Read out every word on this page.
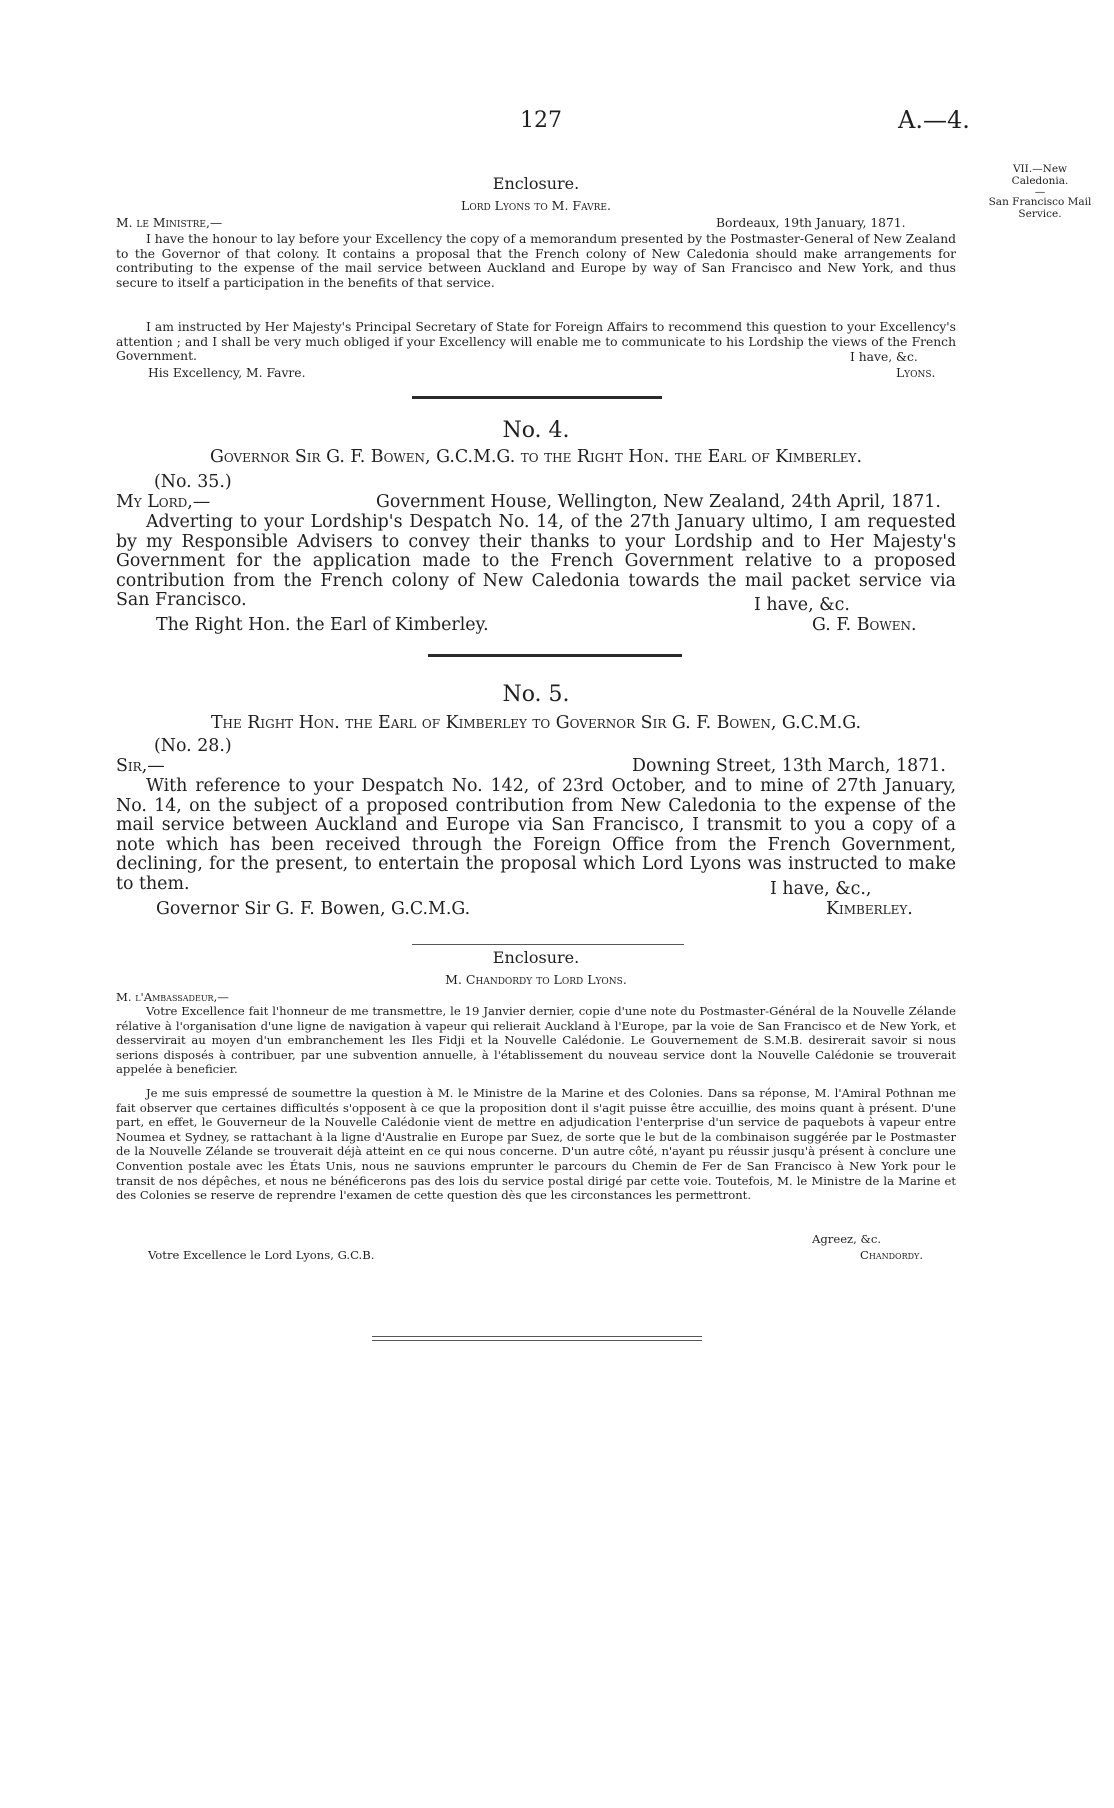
127	A.—4.
VII.—New Caledonia.
—
San Francisco Mail Service.
Enclosure.
Lord Lyons to M. Favre.
M. le Ministre,—	Bordeaux, 19th January, 1871.
I have the honour to lay before your Excellency the copy of a memorandum presented by the Postmaster-General of New Zealand to the Governor of that colony. It contains a proposal that the French colony of New Caledonia should make arrangements for contributing to the expense of the mail service between Auckland and Europe by way of San Francisco and New York, and thus secure to itself a participation in the benefits of that service.
I am instructed by Her Majesty's Principal Secretary of State for Foreign Affairs to recommend this question to your Excellency's attention ; and I shall be very much obliged if your Excellency will enable me to communicate to his Lordship the views of the French Government.	I have, &c.
His Excellency, M. Favre.	Lyons.
No. 4.
Governor Sir G. F. Bowen, G.C.M.G. to the Right Hon. the Earl of Kimberley.
(No. 35.)
My Lord,—	Government House, Wellington, New Zealand, 24th April, 1871.
Adverting to your Lordship's Despatch No. 14, of the 27th January ultimo, I am requested by my Responsible Advisers to convey their thanks to your Lordship and to Her Majesty's Government for the application made to the French Government relative to a proposed contribution from the French colony of New Caledonia towards the mail packet service via San Francisco.	I have, &c.
The Right Hon. the Earl of Kimberley.	G. F. Bowen.
No. 5.
The Right Hon. the Earl of Kimberley to Governor Sir G. F. Bowen, G.C.M.G.
(No. 28.)
Sir,—	Downing Street, 13th March, 1871.
With reference to your Despatch No. 142, of 23rd October, and to mine of 27th January, No. 14, on the subject of a proposed contribution from New Caledonia to the expense of the mail service between Auckland and Europe via San Francisco, I transmit to you a copy of a note which has been received through the Foreign Office from the French Government, declining, for the present, to entertain the proposal which Lord Lyons was instructed to make to them.	I have, &c.,
Governor Sir G. F. Bowen, G.C.M.G.	Kimberley.
Enclosure.
M. Chandordy to Lord Lyons.
M. l'Ambassadeur,—
Votre Excellence fait l'honneur de me transmettre, le 19 Janvier dernier, copie d'une note du Postmaster-Général de la Nouvelle Zélande rélative à l'organisation d'une ligne de navigation à vapeur qui relierait Auckland à l'Europe, par la voie de San Francisco et de New York, et desservirait au moyen d'un embranchement les Iles Fidji et la Nouvelle Calédonie. Le Gouvernement de S.M.B. desirerait savoir si nous serions disposés à contribuer, par une subvention annuelle, à l'établissement du nouveau service dont la Nouvelle Calédonie se trouverait appelée à beneficier.
Je me suis empressé de soumettre la question à M. le Ministre de la Marine et des Colonies. Dans sa réponse, M. l'Amiral Pothnan me fait observer que certaines difficultés s'opposent à ce que la proposition dont il s'agit puisse être accuillie, des moins quant à présent. D'une part, en effet, le Gouverneur de la Nouvelle Calédonie vient de mettre en adjudication l'enterprise d'un service de paquebots à vapeur entre Noumea et Sydney, se rattachant à la ligne d'Australie en Europe par Suez, de sorte que le but de la combinaison suggérée par le Postmaster de la Nouvelle Zélande se trouverait déjà atteint en ce qui nous concerne. D'un autre côté, n'ayant pu réussir jusqu'à présent à conclure une Convention postale avec les États Unis, nous ne sauvions emprunter le parcours du Chemin de Fer de San Francisco à New York pour le transit de nos dépêches, et nous ne bénéficerons pas des lois du service postal dirigé par cette voie. Toutefois, M. le Ministre de la Marine et des Colonies se reserve de reprendre l'examen de cette question dès que les circonstances les permettront.
Agreez, &c.
Votre Excellence le Lord Lyons, G.C.B.	Chandordy.
